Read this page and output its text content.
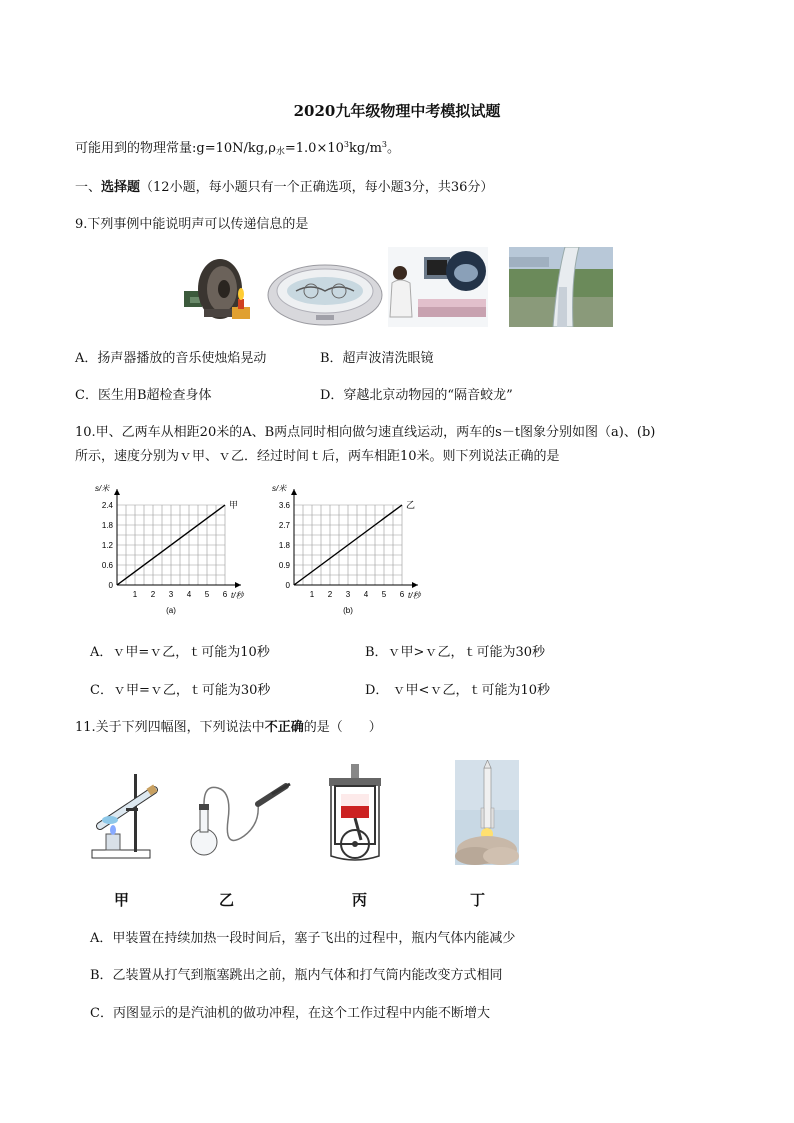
2020九年级物理中考模拟试题
可能用到的物理常量$:g=10N/kg,\rho_水=1.0\times 10^3kg/m^3$。
一、选择题（12小题，每小题只有一个正确选项，每小题3分，共36分）
9.下列事例中能说明声可以传递信息的是
A．扬声器播放的音乐使烛焰晃动	B．超声波清洗眼镜
C．医生用B超检查身体	D．穿越北京动物园的“隔音蛟龙”
10.甲、乙两车从相距20米的A、B两点同时相向做匀速直线运动，两车的s－t图象分别如图（a)、(b)
所示，速度分别为ｖ甲、ｖ乙．经过时间ｔ后，两车相距10米。则下列说法正确的是
1 2 3 4 5 6
0
0.6
1.2
1.8
2.4
s/米
t/秒
甲
(a)
1 2 3 4 5 6
0
0.9
1.8
2.7
3.6
s/米
t/秒
乙
(b)
A．ｖ甲=ｖ乙，ｔ可能为10秒	B．ｖ甲>ｖ乙，ｔ可能为30秒
C．ｖ甲=ｖ乙，ｔ可能为30秒	D． ｖ甲<ｖ乙，ｔ可能为10秒
11.关于下列四幅图，下列说法中不正确的是（　　）
甲	乙	丙	丁
A．甲装置在持续加热一段时间后，塞子飞出的过程中，瓶内气体内能减少
B．乙装置从打气到瓶塞跳出之前，瓶内气体和打气筒内能改变方式相同
C．丙图显示的是汽油机的做功冲程，在这个工作过程中内能不断增大
